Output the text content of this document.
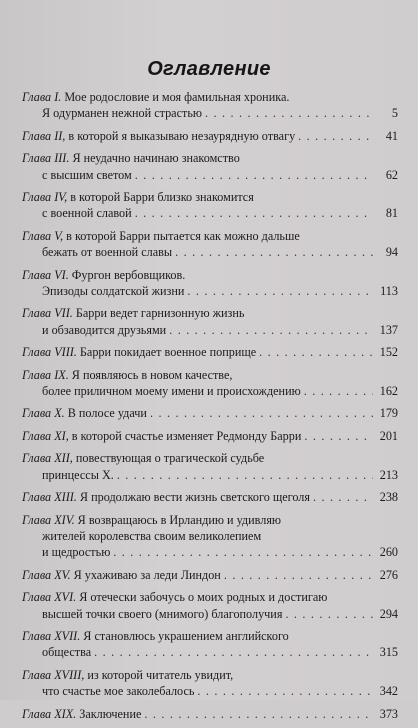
Оглавление
Глава I. Мое родословие и моя фамильная хроника.
Я одурманен нежной страстью . . .	5
Глава II, в которой я выказываю незаурядную отвагу . . .	41
Глава III. Я неудачно начинаю знакомство
с высшим светом . . .	62
Глава IV, в которой Барри близко знакомится
с военной славой . . .	81
Глава V, в которой Барри пытается как можно дальше
бежать от военной славы . . .	94
Глава VI. Фургон вербовщиков.
Эпизоды солдатской жизни . . .	113
Глава VII. Барри ведет гарнизонную жизнь
и обзаводится друзьями . . .	137
Глава VIII. Барри покидает военное поприще . . .	152
Глава IX. Я появляюсь в новом качестве,
более приличном моему имени и происхождению . . .	162
Глава X. В полосе удачи . . .	179
Глава XI, в которой счастье изменяет Редмонду Барри . . .	201
Глава XII, повествующая о трагической судьбе
принцессы Х. . . .	213
Глава XIII. Я продолжаю вести жизнь светского щеголя . . .	238
Глава XIV. Я возвращаюсь в Ирландию и удивляю
жителей королевства своим великолепием
и щедростью . . .	260
Глава XV. Я ухаживаю за леди Линдон . . .	276
Глава XVI. Я отечески забочусь о моих родных и достигаю
высшей точки своего (мнимого) благополучия . . .	294
Глава XVII. Я становлюсь украшением английского
общества . . .	315
Глава XVIII, из которой читатель увидит,
что счастье мое заколебалось . . .	342
Глава XIX. Заключение . . .	373
